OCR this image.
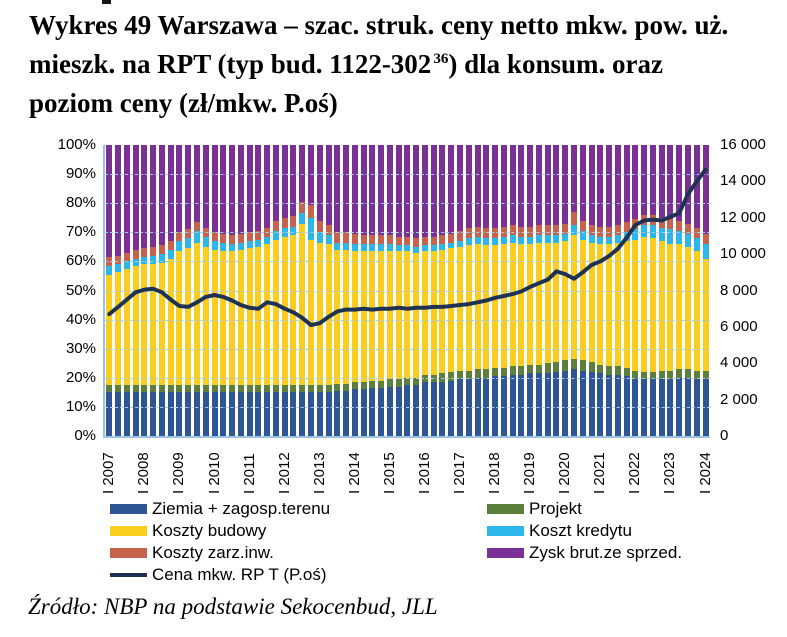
Wykres 49 Warszawa – szac. struk. ceny netto mkw. pow. uż. mieszk. na RPT (typ bud. 1122-302 $^{36}$) dla konsum. oraz poziom ceny (zł/mkw. P.oś)
Ziemia + zagosp.terenu
Koszty budowy
Koszty zarz.inw.
Cena mkw. RP T (P.oś)
Projekt
Koszt kredytu
Zysk brut.ze sprzed.
Źródło: NBP na podstawie Sekocenbud, JLL
0%
10%
20%
30%
40%
50%
60%
70%
80%
90%
100%
0
2 000
4 000
6 000
8 000
10 000
12 000
14 000
16 000
I 2007 I 2008 I 2009 I 2010 I 2011 I 2012 I 2013 I 2014 I 2015 I 2016 I 2017 I 2018 I 2019 I 2020 I 2021 I 2022 I 2023 I 2024
